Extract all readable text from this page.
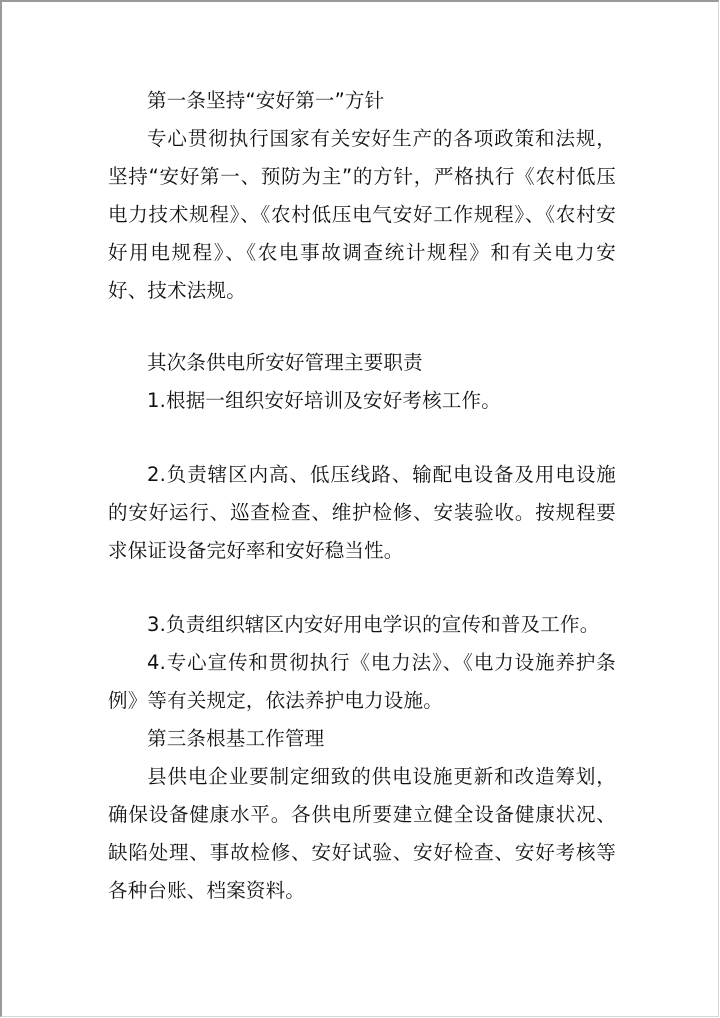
第一条坚持“安好第一”方针

专心贯彻执行国家有关安好生产的各项政策和法规，坚持“安好第一、预防为主”的方针，严格执行《农村低压电力技术规程》、《农村低压电气安好工作规程》、《农村安好用电规程》、《农电事故调查统计规程》和有关电力安好、技术法规。

其次条供电所安好管理主要职责

1.根据一组织安好培训及安好考核工作。

2.负责辖区内高、低压线路、输配电设备及用电设施的安好运行、巡查检查、维护检修、安装验收。按规程要求保证设备完好率和安好稳当性。

3.负责组织辖区内安好用电学识的宣传和普及工作。

4.专心宣传和贯彻执行《电力法》、《电力设施养护条例》等有关规定，依法养护电力设施。

第三条根基工作管理

县供电企业要制定细致的供电设施更新和改造筹划，确保设备健康水平。各供电所要建立健全设备健康状况、缺陷处理、事故检修、安好试验、安好检查、安好考核等各种台账、档案资料。
